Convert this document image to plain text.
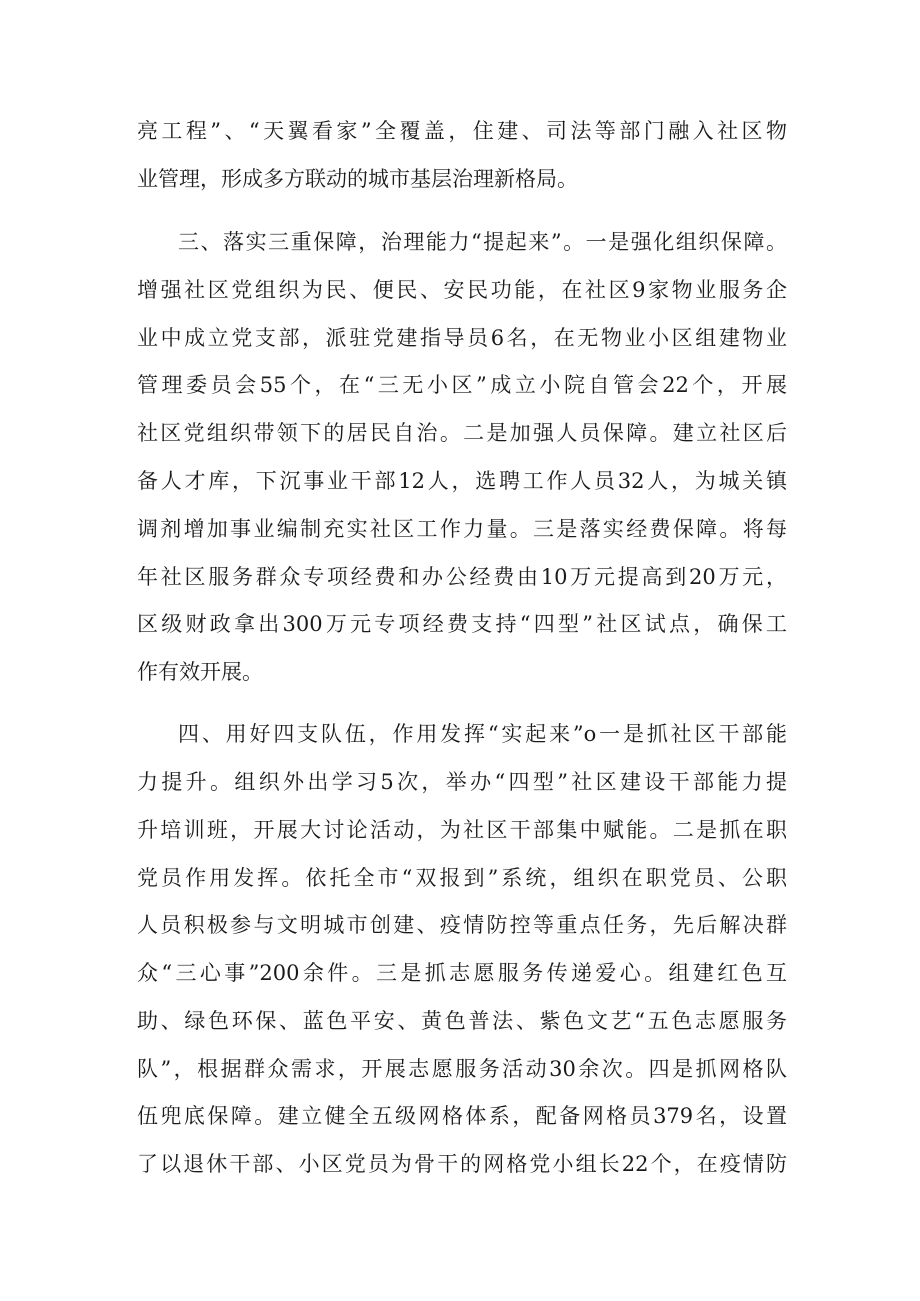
亮工程”、“天翼看家”全覆盖，住建、司法等部门融入社区物
业管理，形成多方联动的城市基层治理新格局。
三、落实三重保障，治理能力“提起来”。一是强化组织保障。
增强社区党组织为民、便民、安民功能，在社区9家物业服务企
业中成立党支部，派驻党建指导员6名，在无物业小区组建物业
管理委员会55个，在“三无小区”成立小院自管会22个，开展
社区党组织带领下的居民自治。二是加强人员保障。建立社区后
备人才库，下沉事业干部12人，选聘工作人员32人，为城关镇
调剂增加事业编制充实社区工作力量。三是落实经费保障。将每
年社区服务群众专项经费和办公经费由10万元提高到20万元，
区级财政拿出300万元专项经费支持“四型”社区试点，确保工
作有效开展。
四、用好四支队伍，作用发挥“实起来”o一是抓社区干部能
力提升。组织外出学习5次，举办“四型”社区建设干部能力提
升培训班，开展大讨论活动，为社区干部集中赋能。二是抓在职
党员作用发挥。依托全市“双报到”系统，组织在职党员、公职
人员积极参与文明城市创建、疫情防控等重点任务，先后解决群
众“三心事”200余件。三是抓志愿服务传递爱心。组建红色互
助、绿色环保、蓝色平安、黄色普法、紫色文艺“五色志愿服务
队”，根据群众需求，开展志愿服务活动30余次。四是抓网格队
伍兜底保障。建立健全五级网格体系，配备网格员379名，设置
了以退休干部、小区党员为骨干的网格党小组长22个，在疫情防
